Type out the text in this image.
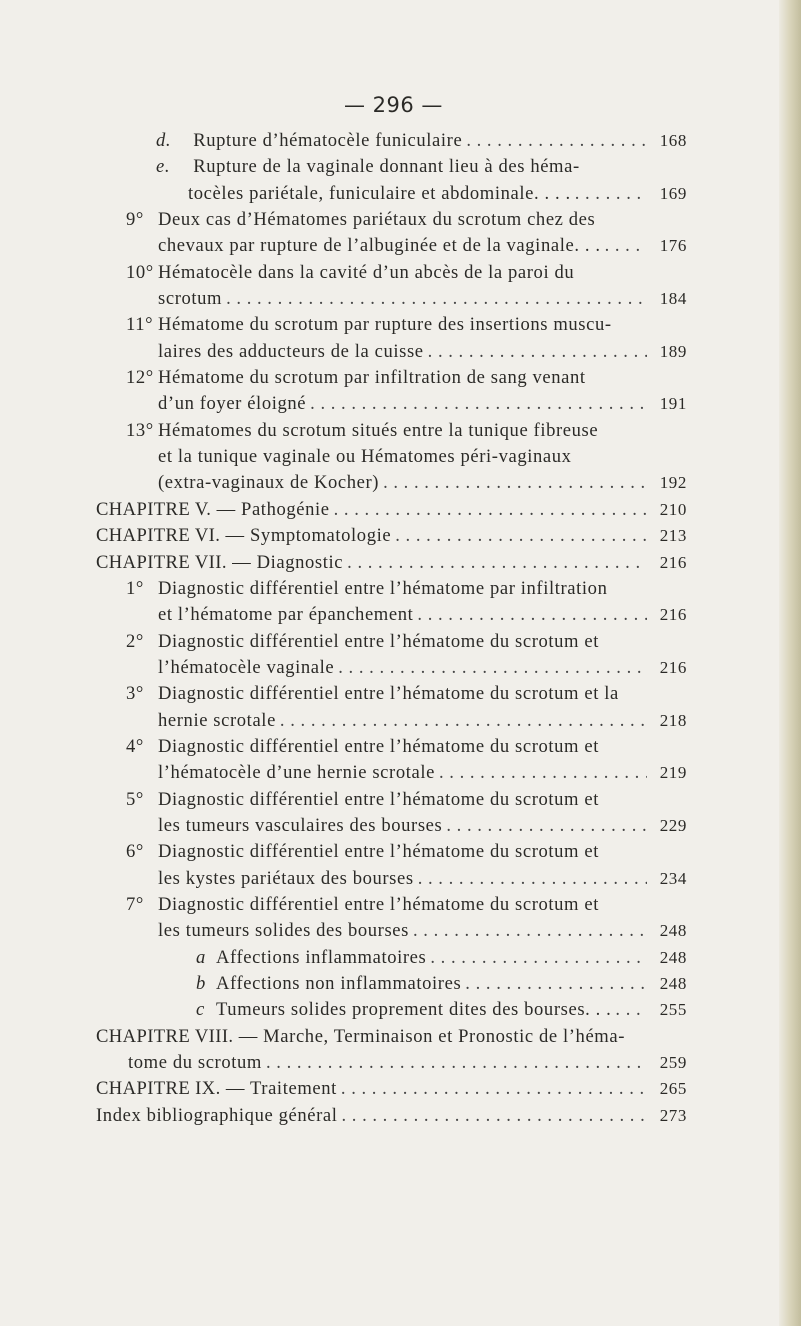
— 296 —
d. Rupture d’hématocèle funiculaire . . .	168
e. Rupture de la vaginale donnant lieu à des héma-
tocèles pariétale, funiculaire et abdominale. . . . . . .	169
9° Deux cas d’Hématomes pariétaux du scrotum chez des
chevaux par rupture de l’albuginée et de la vaginale. . . . . .	176
10° Hématocèle dans la cavité d’un abcès de la paroi du
scrotum . . .	184
11° Hématome du scrotum par rupture des insertions muscu-
laires des adducteurs de la cuisse . . .	189
12° Hématome du scrotum par infiltration de sang venant
d’un foyer éloigné . . .	191
13° Hématomes du scrotum situés entre la tunique fibreuse
et la tunique vaginale ou Hématomes péri-vaginaux
(extra-vaginaux de Kocher) . . .	192
CHAPITRE V. — Pathogénie . . .	210
CHAPITRE VI. — Symptomatologie . . .	213
CHAPITRE VII. — Diagnostic . . .	216
1° Diagnostic différentiel entre l’hématome par infiltration
et l’hématome par épanchement . . .	216
2° Diagnostic différentiel entre l’hématome du scrotum et
l’hématocèle vaginale . . .	216
3° Diagnostic différentiel entre l’hématome du scrotum et la
hernie scrotale . . .	218
4° Diagnostic différentiel entre l’hématome du scrotum et
l’hématocèle d’une hernie scrotale . . .	219
5° Diagnostic différentiel entre l’hématome du scrotum et
les tumeurs vasculaires des bourses . . .	229
6° Diagnostic différentiel entre l’hématome du scrotum et
les kystes pariétaux des bourses . . .	234
7° Diagnostic différentiel entre l’hématome du scrotum et
les tumeurs solides des bourses . . .	248
a Affections inflammatoires . . .	248
b Affections non inflammatoires . . .	248
c Tumeurs solides proprement dites des bourses. . . . . .	255
CHAPITRE VIII. — Marche, Terminaison et Pronostic de l’héma-
tome du scrotum . . .	259
CHAPITRE IX. — Traitement . . .	265
Index bibliographique général . . .	273
